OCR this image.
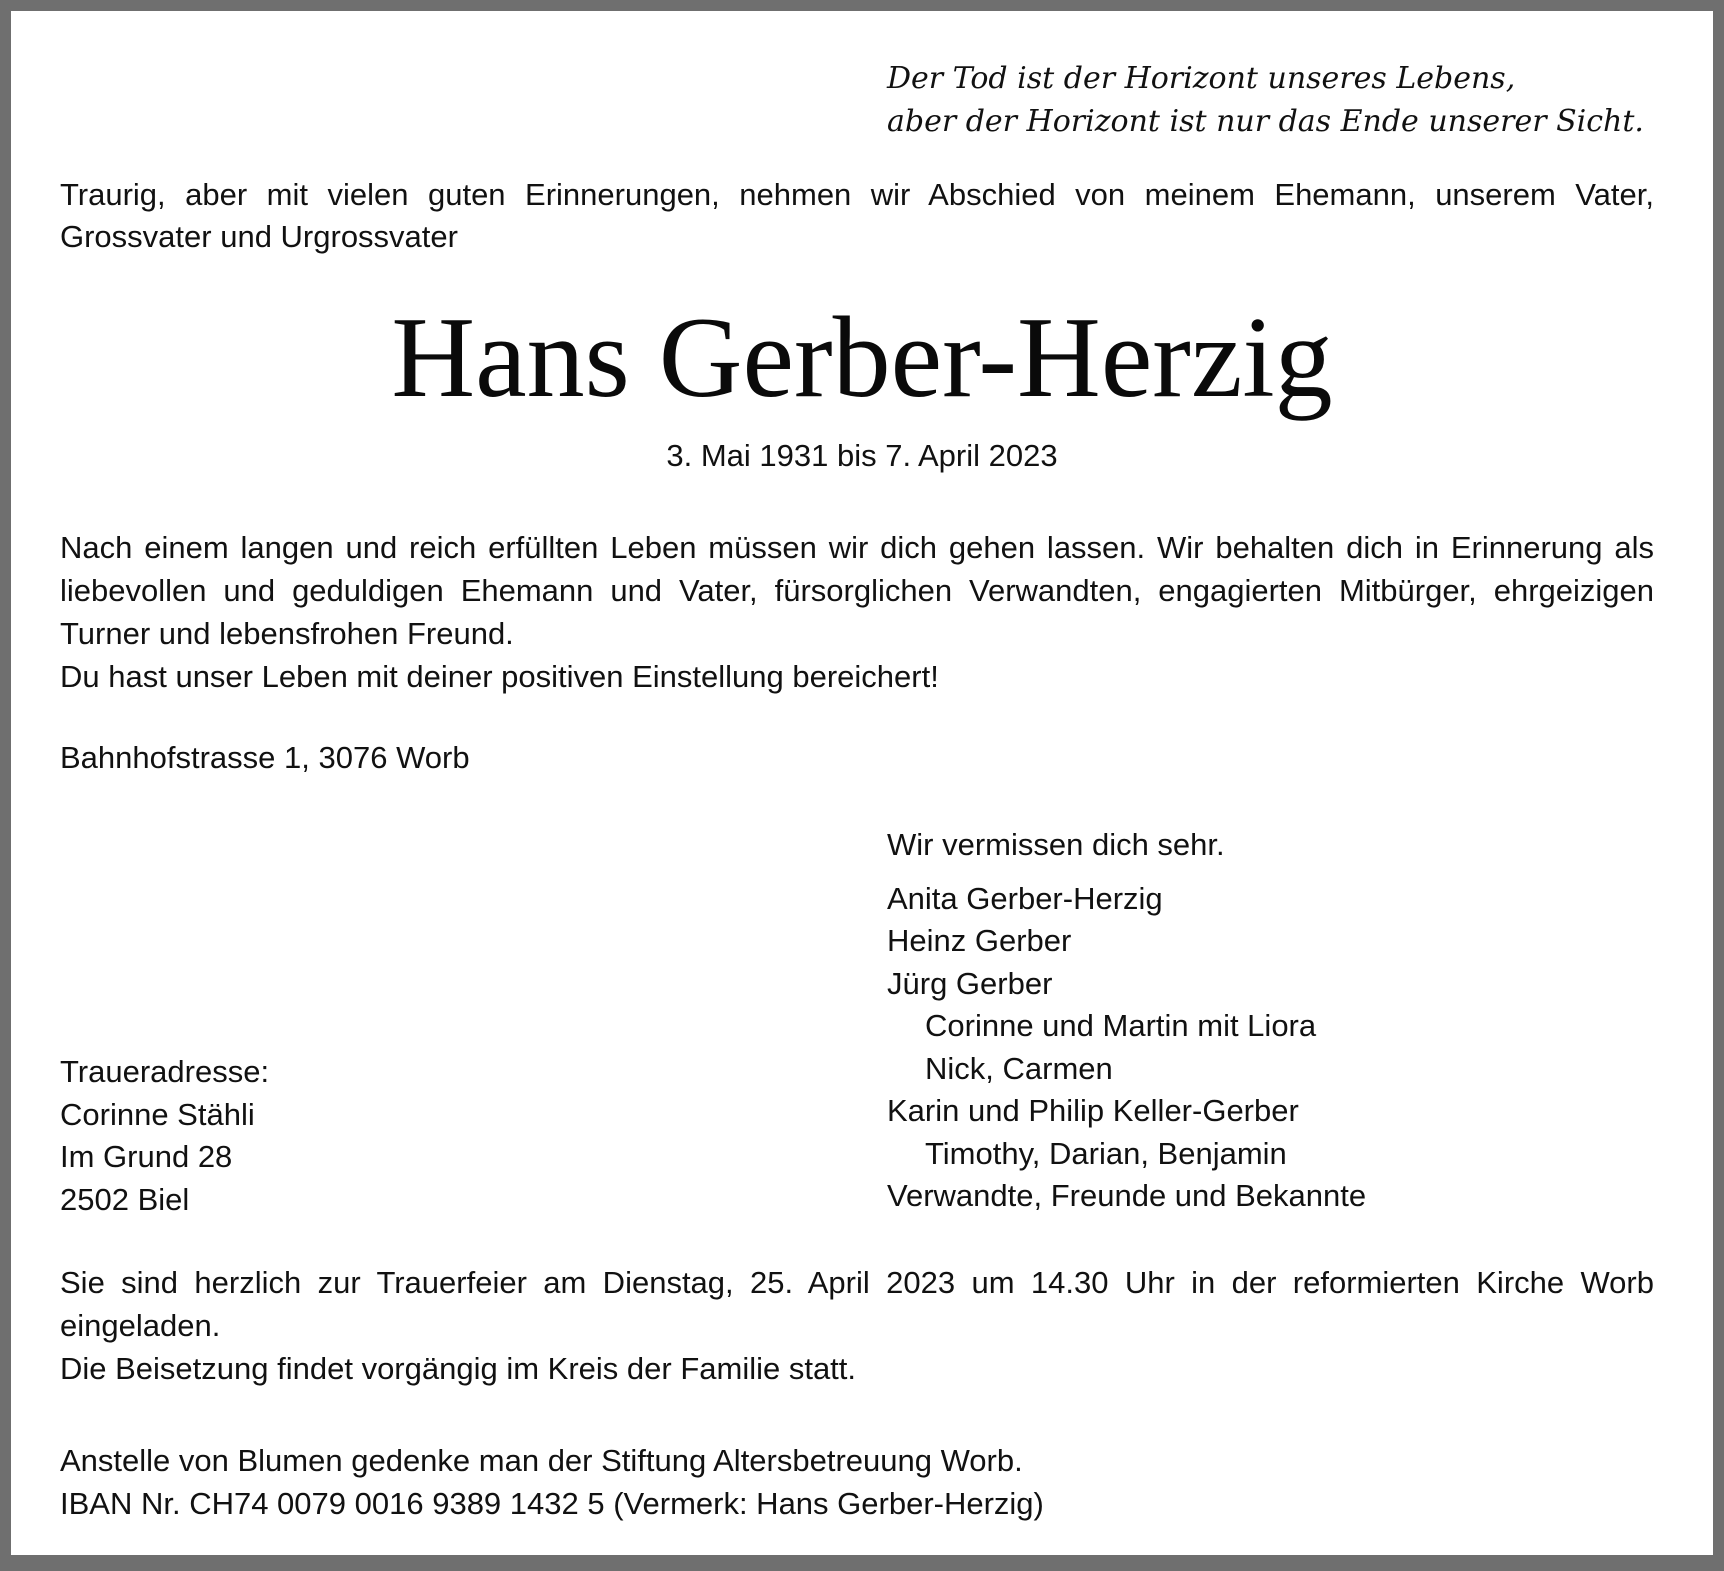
Der Tod ist der Horizont unseres Lebens,
aber der Horizont ist nur das Ende unserer Sicht.
Traurig, aber mit vielen guten Erinnerungen, nehmen wir Abschied von meinem Ehemann, unserem Vater, Grossvater und Urgrossvater
Hans Gerber-Herzig
3. Mai 1931 bis 7. April 2023
Nach einem langen und reich erfüllten Leben müssen wir dich gehen lassen. Wir behalten dich in Erinnerung als liebevollen und geduldigen Ehemann und Vater, fürsorglichen Verwandten, engagierten Mitbürger, ehrgeizigen Turner und lebensfrohen Freund.
Du hast unser Leben mit deiner positiven Einstellung bereichert!
Bahnhofstrasse 1, 3076 Worb
Wir vermissen dich sehr.
Anita Gerber-Herzig
Heinz Gerber
Jürg Gerber
Corinne und Martin mit Liora
Nick, Carmen
Karin und Philip Keller-Gerber
Timothy, Darian, Benjamin
Verwandte, Freunde und Bekannte
Traueradresse:
Corinne Stähli
Im Grund 28
2502 Biel
Sie sind herzlich zur Trauerfeier am Dienstag, 25. April 2023 um 14.30 Uhr in der reformierten Kirche Worb eingeladen.
Die Beisetzung findet vorgängig im Kreis der Familie statt.
Anstelle von Blumen gedenke man der Stiftung Altersbetreuung Worb.
IBAN Nr. CH74 0079 0016 9389 1432 5 (Vermerk: Hans Gerber-Herzig)
